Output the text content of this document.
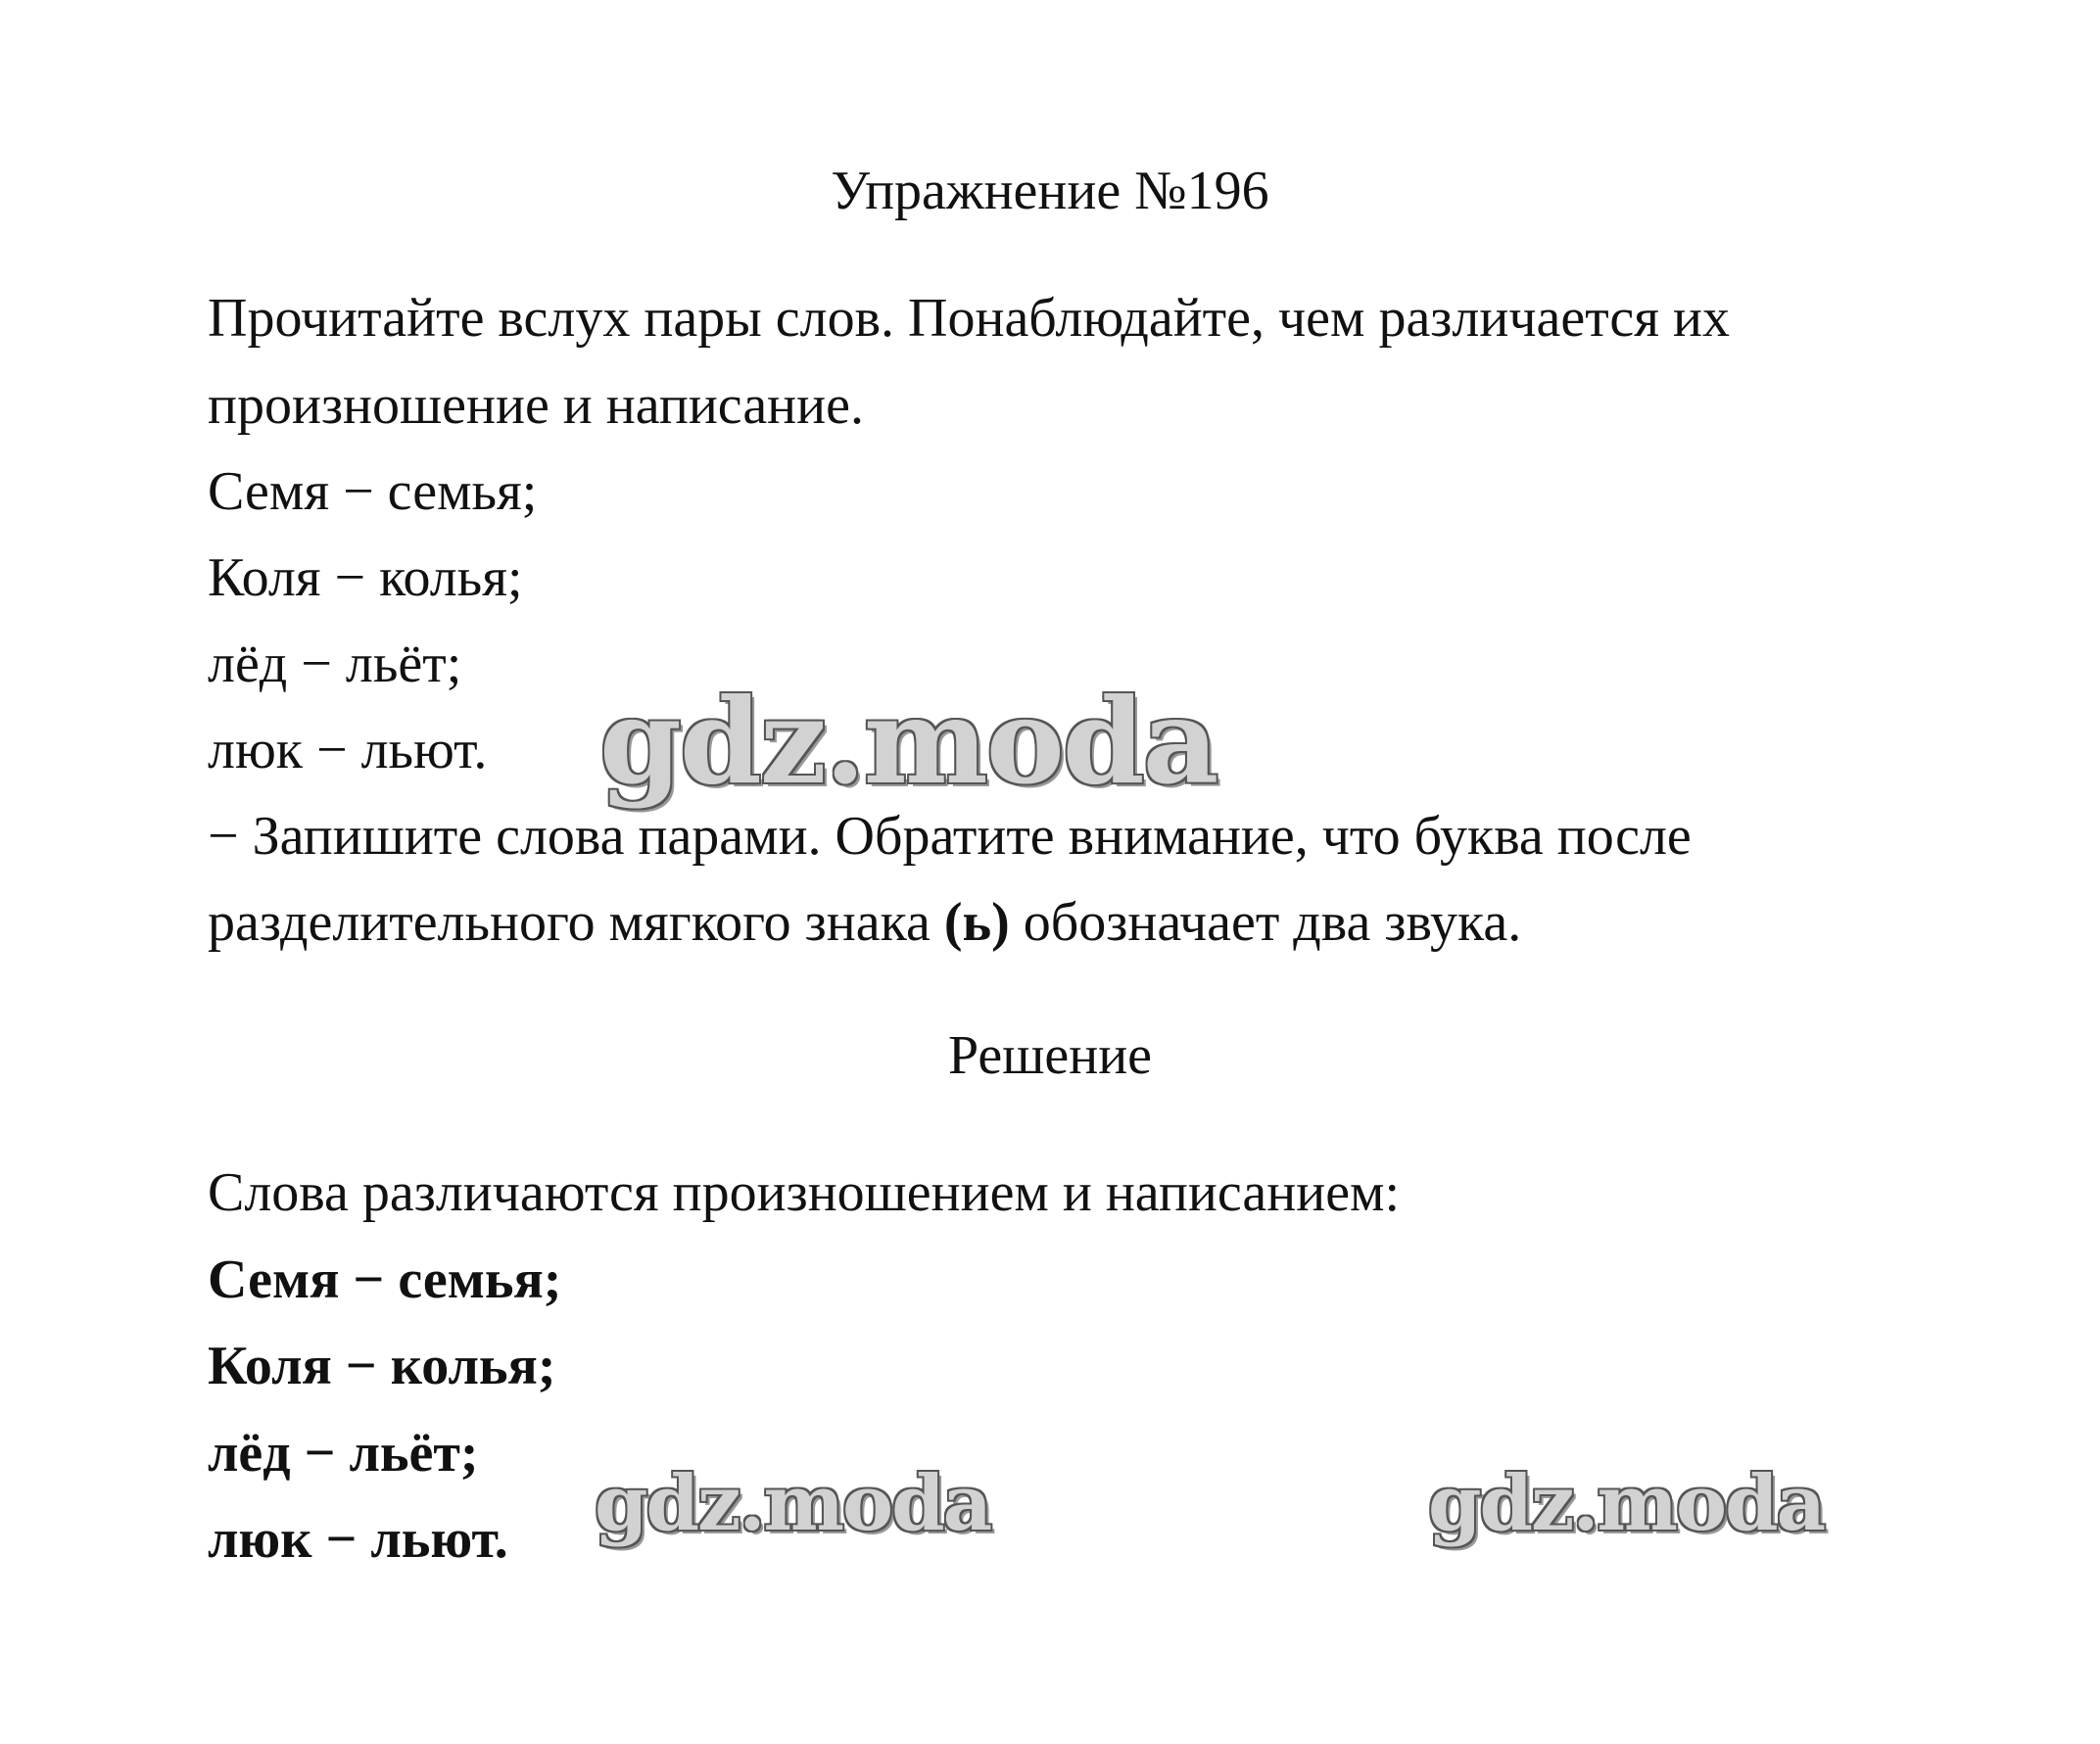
Упражнение №196
Прочитайте вслух пары слов. Понаблюдайте, чем различается их
произношение и написание.
Семя − семья;
Коля − колья;
лёд − льёт;
люк − льют.
− Запишите слова парами. Обратите внимание, что буква после
разделительного мягкого знака (ь) обозначает два звука.
Решение
Слова различаются произношением и написанием:
Семя − семья;
Коля − колья;
лёд − льёт;
люк − льют.
gdz.moda
gdz.moda	gdz.moda
